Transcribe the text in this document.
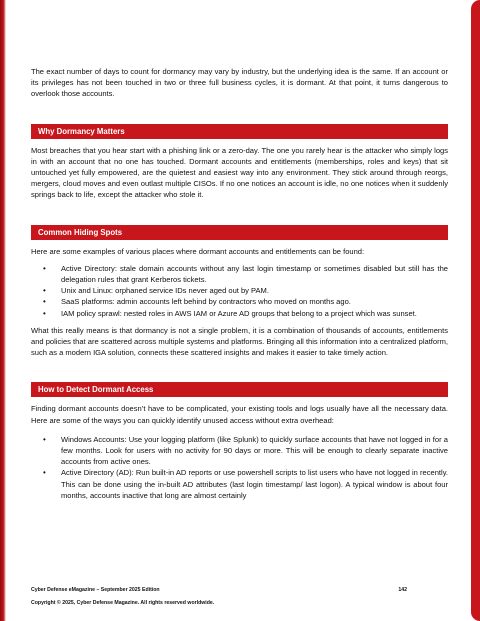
The exact number of days to count for dormancy may vary by industry, but the underlying idea is the same. If an account or its privileges has not been touched in two or three full business cycles, it is dormant. At that point, it turns dangerous to overlook those accounts.

Why Dormancy Matters

Most breaches that you hear start with a phishing link or a zero-day. The one you rarely hear is the attacker who simply logs in with an account that no one has touched. Dormant accounts and entitlements (memberships, roles and keys) that sit untouched yet fully empowered, are the quietest and easiest way into any environment. They stick around through reorgs, mergers, cloud moves and even outlast multiple CISOs. If no one notices an account is idle, no one notices when it suddenly springs back to life, except the attacker who stole it.

Common Hiding Spots

Here are some examples of various places where dormant accounts and entitlements can be found:

• Active Directory: stale domain accounts without any last login timestamp or sometimes disabled but still has the delegation rules that grant Kerberos tickets.
• Unix and Linux: orphaned service IDs never aged out by PAM.
• SaaS platforms: admin accounts left behind by contractors who moved on months ago.
• IAM policy sprawl: nested roles in AWS IAM or Azure AD groups that belong to a project which was sunset.

What this really means is that dormancy is not a single problem, it is a combination of thousands of accounts, entitlements and policies that are scattered across multiple systems and platforms. Bringing all this information into a centralized platform, such as a modern IGA solution, connects these scattered insights and makes it easier to take timely action.

How to Detect Dormant Access

Finding dormant accounts doesn’t have to be complicated, your existing tools and logs usually have all the necessary data. Here are some of the ways you can quickly identify unused access without extra overhead:

• Windows Accounts: Use your logging platform (like Splunk) to quickly surface accounts that have not logged in for a few months. Look for users with no activity for 90 days or more. This will be enough to clearly separate inactive accounts from active ones.
• Active Directory (AD): Run built-in AD reports or use powershell scripts to list users who have not logged in recently. This can be done using the in-built AD attributes (last login timestamp/ last logon). A typical window is about four months, accounts inactive that long are almost certainly
Cyber Defense eMagazine – September 2025 Edition	142
Copyright © 2025, Cyber Defense Magazine. All rights reserved worldwide.
